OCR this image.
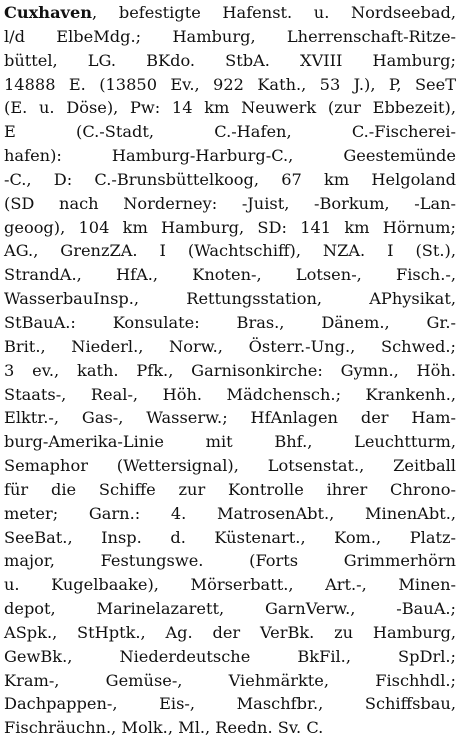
Cuxhaven, befestigte Hafenst. u. Nordseebad,
l/d ElbeMdg.; Hamburg, Lherrenschaft-Ritze-
büttel, LG. BKdo. StbA. XVIII Hamburg;
14888 E. (13850 Ev., 922 Kath., 53 J.), P, SeeT
(E. u. Döse), Pw: 14 km Neuwerk (zur Ebbezeit),
E (C.-Stadt, C.-Hafen, C.-Fischerei-
hafen): Hamburg-Harburg-C., Geestemünde
-C., D: C.-Brunsbüttelkoog, 67 km Helgoland
(SD nach Norderney: -Juist, -Borkum, -Lan-
geoog), 104 km Hamburg, SD: 141 km Hörnum;
AG., GrenzZA. I (Wachtschiff), NZA. I (St.),
StrandA., HfA., Knoten-, Lotsen-, Fisch.-,
WasserbauInsp., Rettungsstation, APhysikat,
StBauA.: Konsulate: Bras., Dänem., Gr.-
Brit., Niederl., Norw., Österr.-Ung., Schwed.;
3 ev., kath. Pfk., Garnisonkirche: Gymn., Höh.
Staats-, Real-, Höh. Mädchensch.; Krankenh.,
Elktr.-, Gas-, Wasserw.; HfAnlagen der Ham-
burg-Amerika-Linie mit Bhf., Leuchtturm,
Semaphor (Wettersignal), Lotsenstat., Zeitball
für die Schiffe zur Kontrolle ihrer Chrono-
meter; Garn.: 4. MatrosenAbt., MinenAbt.,
SeeBat., Insp. d. Küstenart., Kom., Platz-
major, Festungswe. (Forts Grimmerhörn
u. Kugelbaake), Mörserbatt., Art.-, Minen-
depot, Marinelazarett, GarnVerw., -BauA.;
ASpk., StHptk., Ag. der VerBk. zu Hamburg,
GewBk., Niederdeutsche BkFil., SpDrl.;
Kram-, Gemüse-, Viehmärkte, Fischhdl.;
Dachpappen-, Eis-, Maschfbr., Schiffsbau,
Fischräuchn., Molk., Ml., Reedn. Sv. C.
